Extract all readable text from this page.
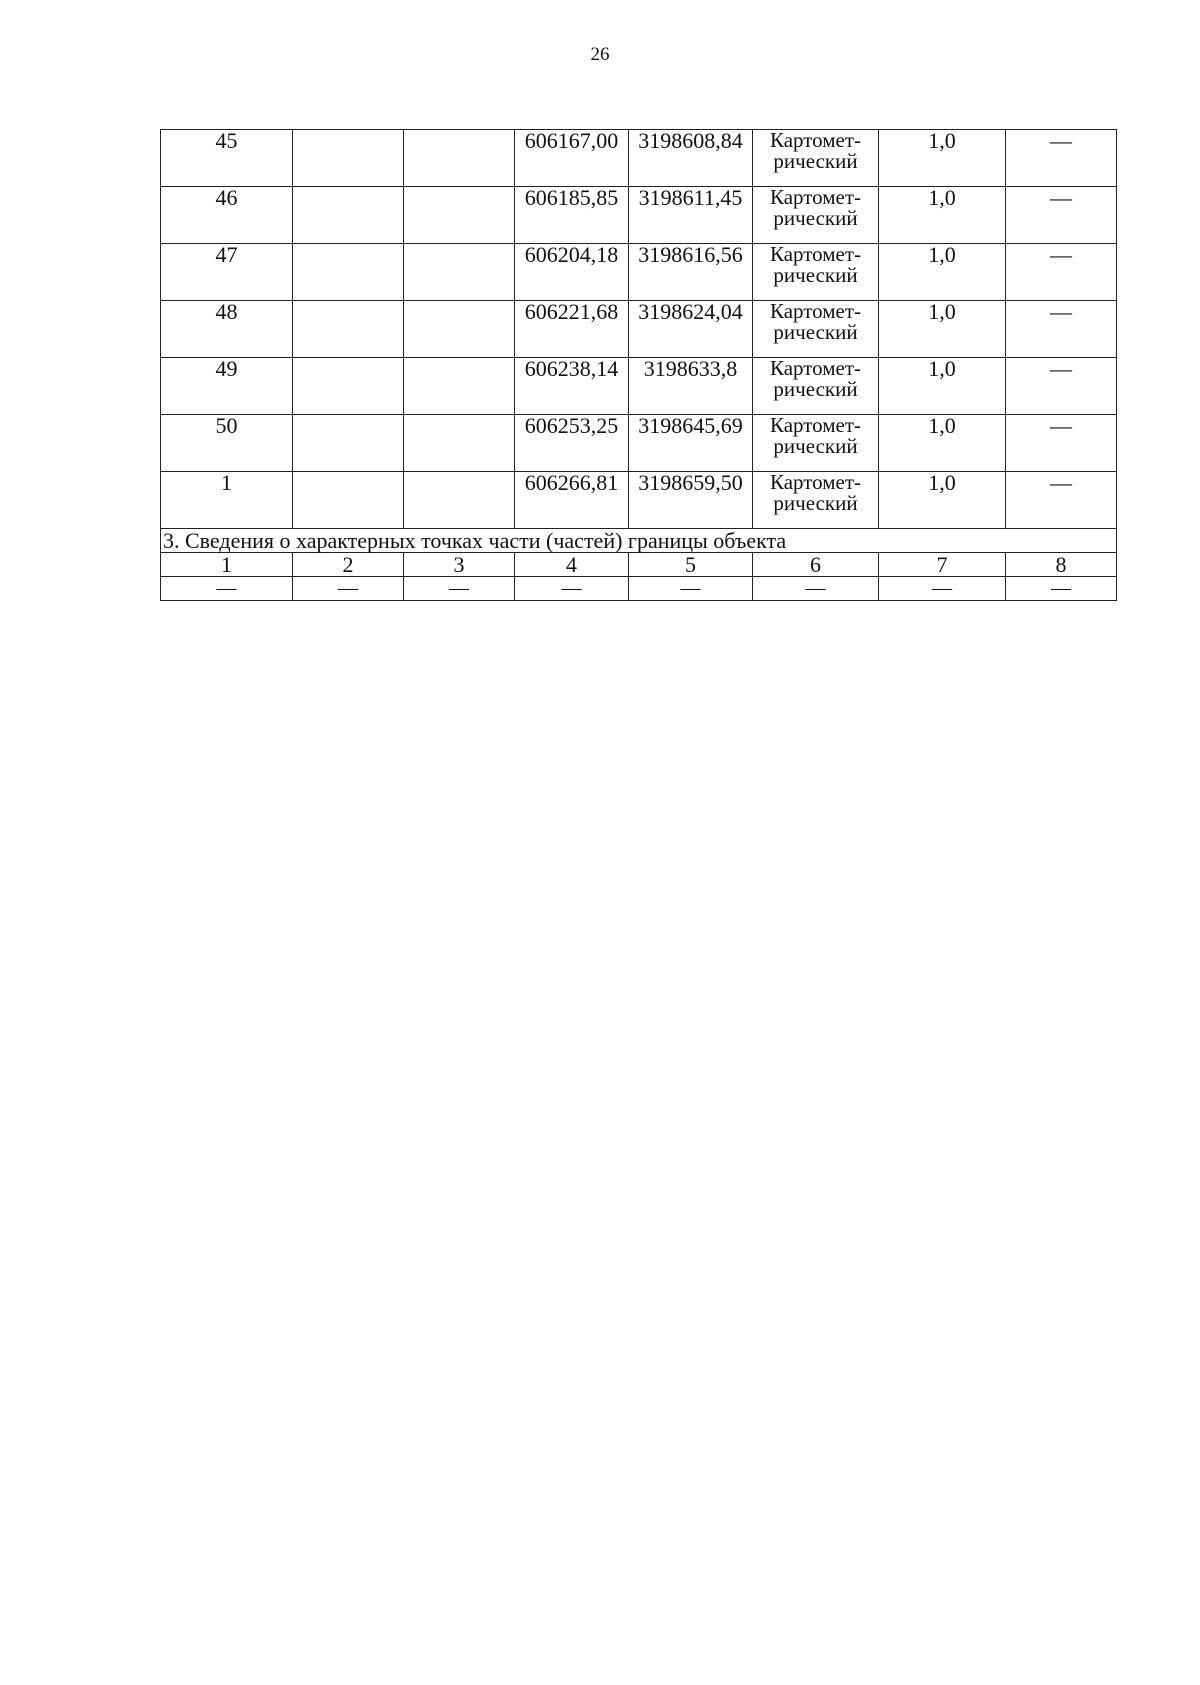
26
45			606167,00	3198608,84	Картомет-рический	1,0	—
46			606185,85	3198611,45	Картомет-рический	1,0	—
47			606204,18	3198616,56	Картомет-рический	1,0	—
48			606221,68	3198624,04	Картомет-рический	1,0	—
49			606238,14	3198633,8	Картомет-рический	1,0	—
50			606253,25	3198645,69	Картомет-рический	1,0	—
1			606266,81	3198659,50	Картомет-рический	1,0	—
3. Сведения о характерных точках части (частей) границы объекта							
1	2	3	4	5	6	7	8
—	—	—	—	—	—	—	—
